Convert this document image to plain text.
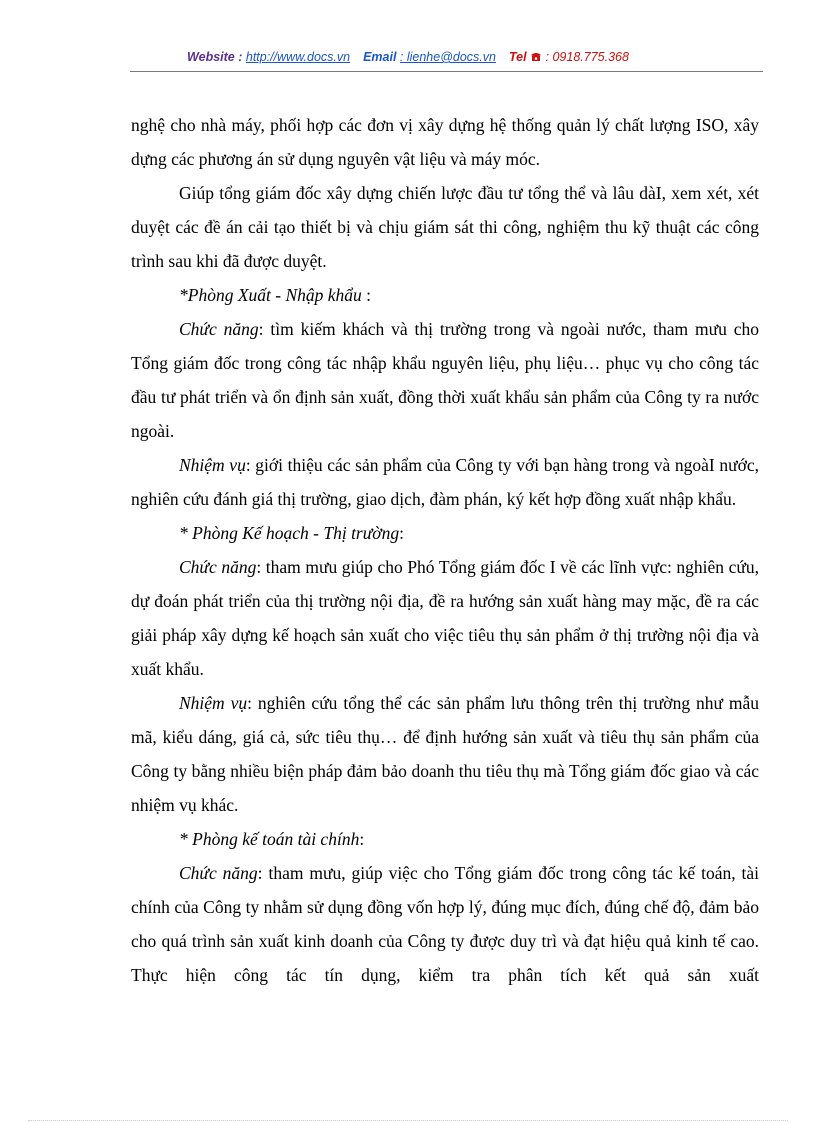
Website : http://www.docs.vn Email : lienhe@docs.vn Tel : 0918.775.368

nghệ cho nhà máy, phối hợp các đơn vị xây dựng hệ thống quản lý chất lượng ISO, xây dựng các phương án sử dụng nguyên vật liệu và máy móc.

Giúp tổng giám đốc xây dựng chiến lược đầu tư tổng thể và lâu dàI, xem xét, xét duyệt các đề án cải tạo thiết bị và chịu giám sát thi công, nghiệm thu kỹ thuật các công trình sau khi đã được duyệt.

*Phòng Xuất - Nhập khẩu :

Chức năng: tìm kiếm khách và thị trường trong và ngoài nước, tham mưu cho Tổng giám đốc trong công tác nhập khẩu nguyên liệu, phụ liệu… phục vụ cho công tác đầu tư phát triển và ổn định sản xuất, đồng thời xuất khẩu sản phẩm của Công ty ra nước ngoài.

Nhiệm vụ: giới thiệu các sản phẩm của Công ty với bạn hàng trong và ngoàI nước, nghiên cứu đánh giá thị trường, giao dịch, đàm phán, ký kết hợp đồng xuất nhập khẩu.

* Phòng Kế hoạch - Thị trường:

Chức năng: tham mưu giúp cho Phó Tổng giám đốc I về các lĩnh vực: nghiên cứu, dự đoán phát triển của thị trường nội địa, đề ra hướng sản xuất hàng may mặc, đề ra các giải pháp xây dựng kế hoạch sản xuất cho việc tiêu thụ sản phẩm ở thị trường nội địa và xuất khẩu.

Nhiệm vụ: nghiên cứu tổng thể các sản phẩm lưu thông trên thị trường như mẫu mã, kiểu dáng, giá cả, sức tiêu thụ… để định hướng sản xuất và tiêu thụ sản phẩm của Công ty bằng nhiều biện pháp đảm bảo doanh thu tiêu thụ mà Tổng giám đốc giao và các nhiệm vụ khác.

* Phòng kế toán tài chính:

Chức năng: tham mưu, giúp việc cho Tổng giám đốc trong công tác kế toán, tài chính của Công ty nhằm sử dụng đồng vốn hợp lý, đúng mục đích, đúng chế độ, đảm bảo cho quá trình sản xuất kinh doanh của Công ty được duy trì và đạt hiệu quả kinh tế cao. Thực hiện công tác tín dụng, kiểm tra phân tích kết quả sản xuất
